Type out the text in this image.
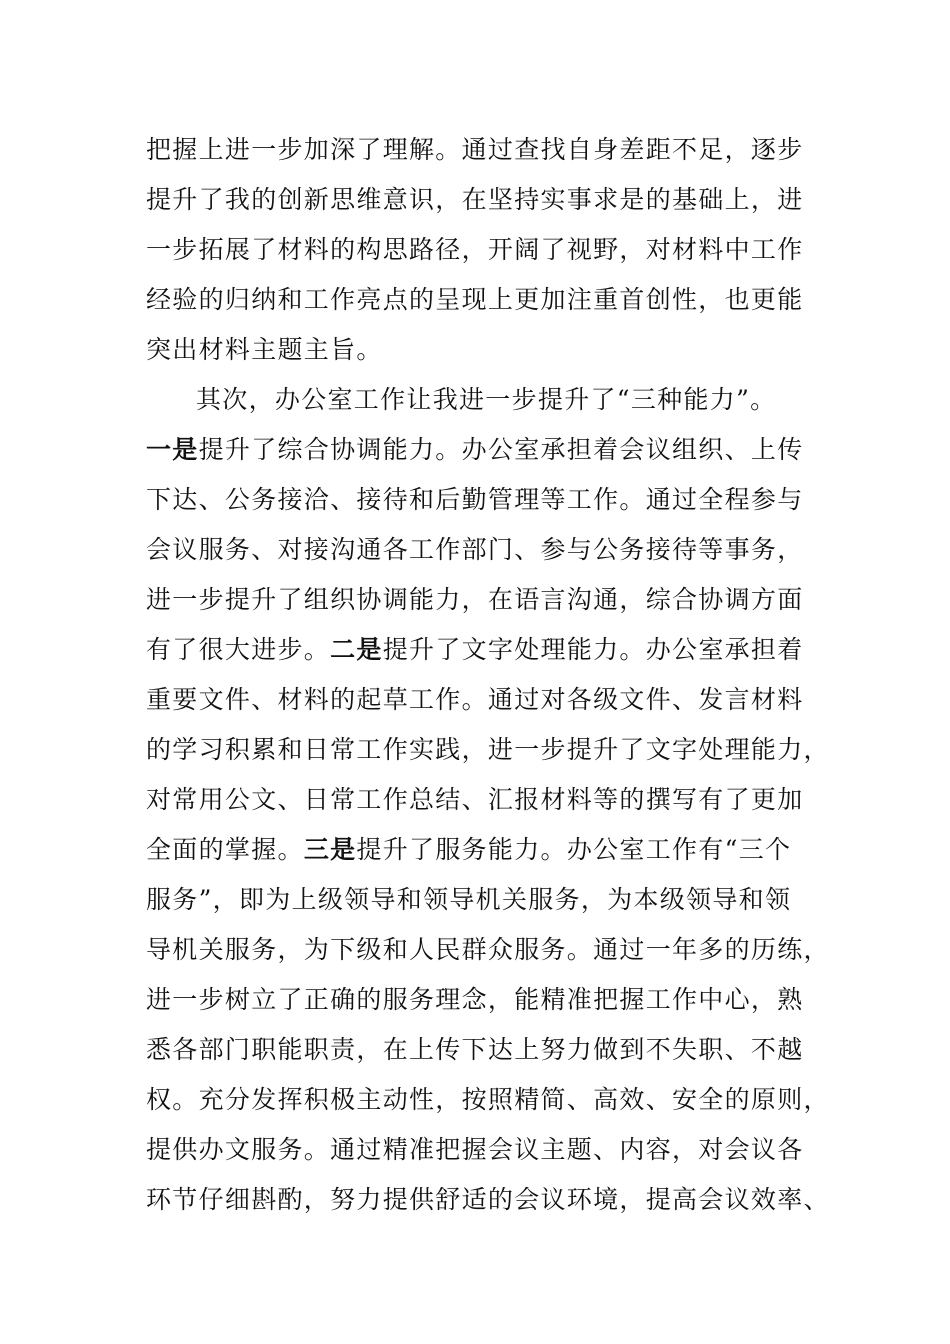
把握上进一步加深了理解。通过查找自身差距不足，逐步
提升了我的创新思维意识，在坚持实事求是的基础上，进
一步拓展了材料的构思路径，开阔了视野，对材料中工作
经验的归纳和工作亮点的呈现上更加注重首创性，也更能
突出材料主题主旨。
其次，办公室工作让我进一步提升了“三种能力”。
一是提升了综合协调能力。办公室承担着会议组织、上传
下达、公务接洽、接待和后勤管理等工作。通过全程参与
会议服务、对接沟通各工作部门、参与公务接待等事务，
进一步提升了组织协调能力，在语言沟通，综合协调方面
有了很大进步。二是提升了文字处理能力。办公室承担着
重要文件、材料的起草工作。通过对各级文件、发言材料
的学习积累和日常工作实践，进一步提升了文字处理能力，
对常用公文、日常工作总结、汇报材料等的撰写有了更加
全面的掌握。三是提升了服务能力。办公室工作有“三个
服务”，即为上级领导和领导机关服务，为本级领导和领
导机关服务，为下级和人民群众服务。通过一年多的历练，
进一步树立了正确的服务理念，能精准把握工作中心，熟
悉各部门职能职责，在上传下达上努力做到不失职、不越
权。充分发挥积极主动性，按照精简、高效、安全的原则，
提供办文服务。通过精准把握会议主题、内容，对会议各
环节仔细斟酌，努力提供舒适的会议环境，提高会议效率、
